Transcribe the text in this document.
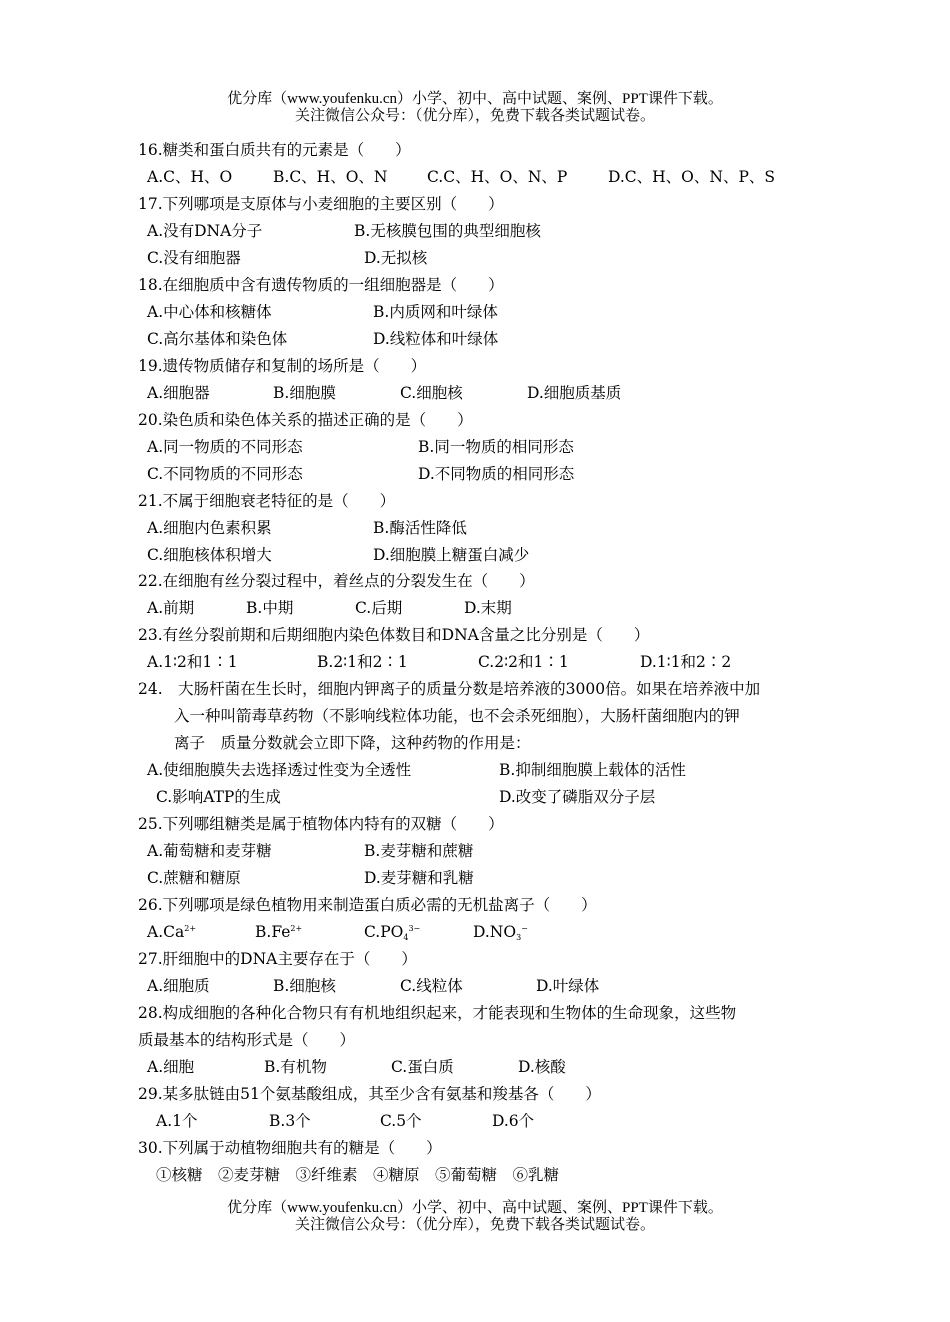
优分库（www.youfenku.cn）小学、初中、高中试题、案例、PPT课件下载。
关注微信公众号：（优分库），免费下载各类试题试卷。
16.糖类和蛋白质共有的元素是（　　）
A.C、H、O	B.C、H、O、N	C.C、H、O、N、P	D.C、H、O、N、P、S
17.下列哪项是支原体与小麦细胞的主要区别（　　）
A.没有DNA分子	B.无核膜包围的典型细胞核
C.没有细胞器	D.无拟核
18.在细胞质中含有遗传物质的一组细胞器是（　　）
A.中心体和核糖体	B.内质网和叶绿体
C.高尔基体和染色体	D.线粒体和叶绿体
19.遗传物质储存和复制的场所是（　　）
A.细胞器	B.细胞膜	C.细胞核	D.细胞质基质
20.染色质和染色体关系的描述正确的是（　　）
A.同一物质的不同形态	B.同一物质的相同形态
C.不同物质的不同形态	D.不同物质的相同形态
21.不属于细胞衰老特征的是（　　）
A.细胞内色素积累	B.酶活性降低
C.细胞核体积增大	D.细胞膜上糖蛋白减少
22.在细胞有丝分裂过程中，着丝点的分裂发生在（　　）
A.前期	B.中期	C.后期	D.末期
23.有丝分裂前期和后期细胞内染色体数目和DNA含量之比分别是（　　）
A.1∶2和1∶1	B.2∶1和2∶1	C.2∶2和1∶1	D.1∶1和2∶2
24.　大肠杆菌在生长时，细胞内钾离子的质量分数是培养液的3000倍。如果在培养液中加
入一种叫箭毒草药物（不影响线粒体功能，也不会杀死细胞），大肠杆菌细胞内的钾
离子　质量分数就会立即下降，这种药物的作用是：
A.使细胞膜失去选择透过性变为全透性	B.抑制细胞膜上载体的活性
C.影响ATP的生成	D.改变了磷脂双分子层
25.下列哪组糖类是属于植物体内特有的双糖（　　）
A.葡萄糖和麦芽糖	B.麦芽糖和蔗糖
C.蔗糖和糖原	D.麦芽糖和乳糖
26.下列哪项是绿色植物用来制造蛋白质必需的无机盐离子（　　）
$A.Ca^{2+}$	$B.Fe^{2+}$	$C.PO_4^{3-}$	$D.NO_3^-$
27.肝细胞中的DNA主要存在于（　　）
A.细胞质	B.细胞核	C.线粒体	D.叶绿体
28.构成细胞的各种化合物只有有机地组织起来，才能表现和生物体的生命现象，这些物
质最基本的结构形式是（　　）
A.细胞	B.有机物	C.蛋白质	D.核酸
29.某多肽链由51个氨基酸组成，其至少含有氨基和羧基各（　　）
A.1个	B.3个	C.5个	D.6个
30.下列属于动植物细胞共有的糖是（　　）
①核糖　②麦芽糖　③纤维素　④糖原　⑤葡萄糖　⑥乳糖
优分库（www.youfenku.cn）小学、初中、高中试题、案例、PPT课件下载。
关注微信公众号：（优分库），免费下载各类试题试卷。
